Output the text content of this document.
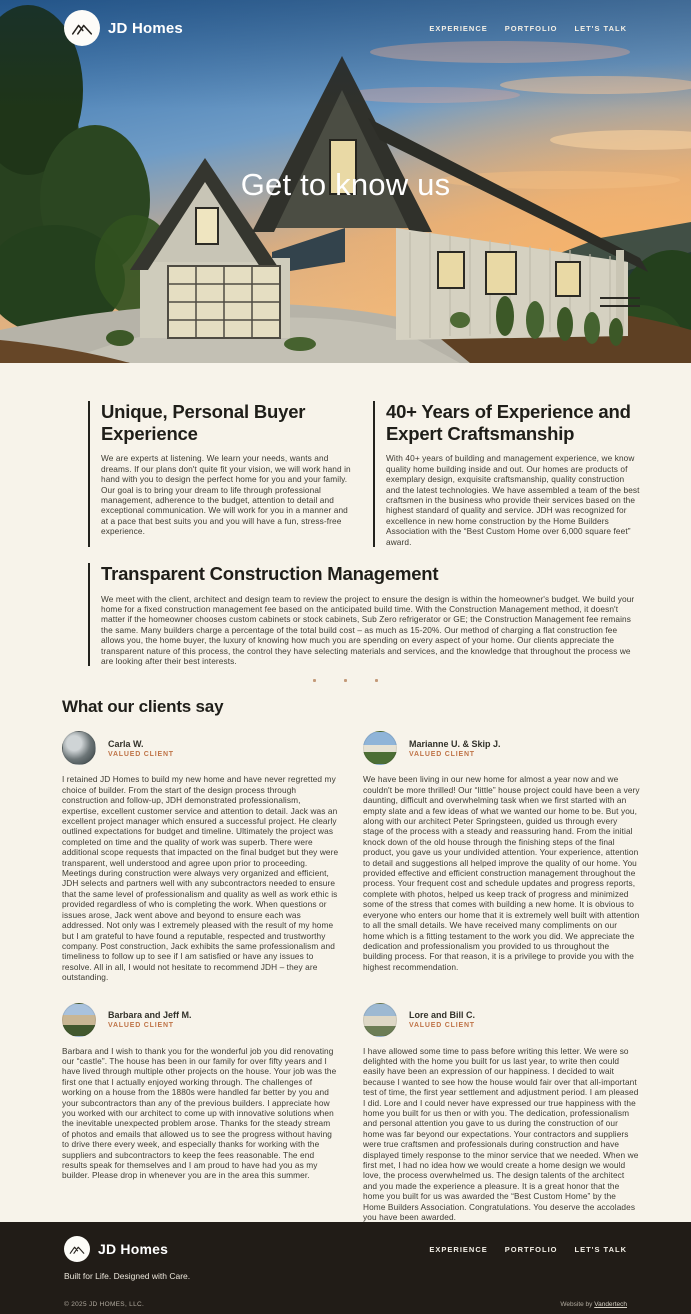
JD Homes	EXPERIENCE PORTFOLIO LET'S TALK
Get to know us
Unique, Personal Buyer Experience

We are experts at listening. We learn your needs, wants and dreams. If our plans don't quite fit your vision, we will work hand in hand with you to design the perfect home for you and your family. Our goal is to bring your dream to life through professional management, adherence to the budget, attention to detail and exceptional communication. We will work for you in a manner and at a pace that best suits you and you will have a fun, stress-free experience.

40+ Years of Experience and Expert Craftsmanship

With 40+ years of building and management experience, we know quality home building inside and out. Our homes are products of exemplary design, exquisite craftsmanship, quality construction and the latest technologies. We have assembled a team of the best craftsmen in the business who provide their services based on the highest standard of quality and service. JDH was recognized for excellence in new home construction by the Home Builders Association with the “Best Custom Home over 6,000 square feet” award.

Transparent Construction Management

We meet with the client, architect and design team to review the project to ensure the design is within the homeowner's budget. We build your home for a fixed construction management fee based on the anticipated build time. With the Construction Management method, it doesn't matter if the homeowner chooses custom cabinets or stock cabinets, Sub Zero refrigerator or GE; the Construction Management fee remains the same. Many builders charge a percentage of the total build cost – as much as 15-20%. Our method of charging a flat construction fee allows you, the home buyer, the luxury of knowing how much you are spending on every aspect of your home. Our clients appreciate the transparent nature of this process, the control they have selecting materials and services, and the knowledge that throughout the process we are looking after their best interests.

What our clients say
Carla W.
VALUED CLIENT

I retained JD Homes to build my new home and have never regretted my choice of builder. From the start of the design process through construction and follow-up, JDH demonstrated professionalism, expertise, excellent customer service and attention to detail. Jack was an excellent project manager which ensured a successful project. He clearly outlined expectations for budget and timeline. Ultimately the project was completed on time and the quality of work was superb. There were additional scope requests that impacted on the final budget but they were transparent, well understood and agree upon prior to proceeding. Meetings during construction were always very organized and efficient, JDH selects and partners well with any subcontractors needed to ensure that the same level of professionalism and quality as well as work ethic is provided regardless of who is completing the work. When questions or issues arose, Jack went above and beyond to ensure each was addressed. Not only was I extremely pleased with the result of my home but I am grateful to have found a reputable, respected and trustworthy company. Post construction, Jack exhibits the same professionalism and timeliness to follow up to see if I am satisfied or have any issues to resolve. All in all, I would not hesitate to recommend JDH – they are outstanding.

Marianne U. & Skip J.
VALUED CLIENT

We have been living in our new home for almost a year now and we couldn't be more thrilled! Our “little” house project could have been a very daunting, difficult and overwhelming task when we first started with an empty slate and a few ideas of what we wanted our home to be. But you, along with our architect Peter Springsteen, guided us through every stage of the process with a steady and reassuring hand. From the initial knock down of the old house through the finishing steps of the final product, you gave us your undivided attention. Your experience, attention to detail and suggestions all helped improve the quality of our home. You provided effective and efficient construction management throughout the process. Your frequent cost and schedule updates and progress reports, complete with photos, helped us keep track of progress and minimized some of the stress that comes with building a new home. It is obvious to everyone who enters our home that it is extremely well built with attention to all the small details. We have received many compliments on our home which is a fitting testament to the work you did. We appreciate the dedication and professionalism you provided to us throughout the building process. For that reason, it is a privilege to provide you with the highest recommendation.

Barbara and Jeff M.
VALUED CLIENT

Barbara and I wish to thank you for the wonderful job you did renovating our “castle”. The house has been in our family for over fifty years and I have lived through multiple other projects on the house. Your job was the first one that I actually enjoyed working through. The challenges of working on a house from the 1880s were handled far better by you and your subcontractors than any of the previous builders. I appreciate how you worked with our architect to come up with innovative solutions when the inevitable unexpected problem arose. Thanks for the steady stream of photos and emails that allowed us to see the progress without having to drive there every week, and especially thanks for working with the suppliers and subcontractors to keep the fees reasonable. The end results speak for themselves and I am proud to have had you as my builder. Please drop in whenever you are in the area this summer.

Lore and Bill C.
VALUED CLIENT

I have allowed some time to pass before writing this letter. We were so delighted with the home you built for us last year, to write then could easily have been an expression of our happiness. I decided to wait because I wanted to see how the house would fair over that all-important test of time, the first year settlement and adjustment period. I am pleased I did. Lore and I could never have expressed our true happiness with the home you built for us then or with you. The dedication, professionalism and personal attention you gave to us during the construction of our home was far beyond our expectations. Your contractors and suppliers were true craftsmen and professionals during construction and have displayed timely response to the minor service that we needed. When we first met, I had no idea how we would create a home design we would love, the process overwhelmed us. The design talents of the architect and you made the experience a pleasure. It is a great honor that the home you built for us was awarded the “Best Custom Home” by the Home Builders Association. Congratulations. You deserve the accolades you have been awarded.

JD Homes	EXPERIENCE PORTFOLIO LET'S TALK
Built for Life. Designed with Care.
© 2025 JD HOMES, LLC.	Website by Vandertech
